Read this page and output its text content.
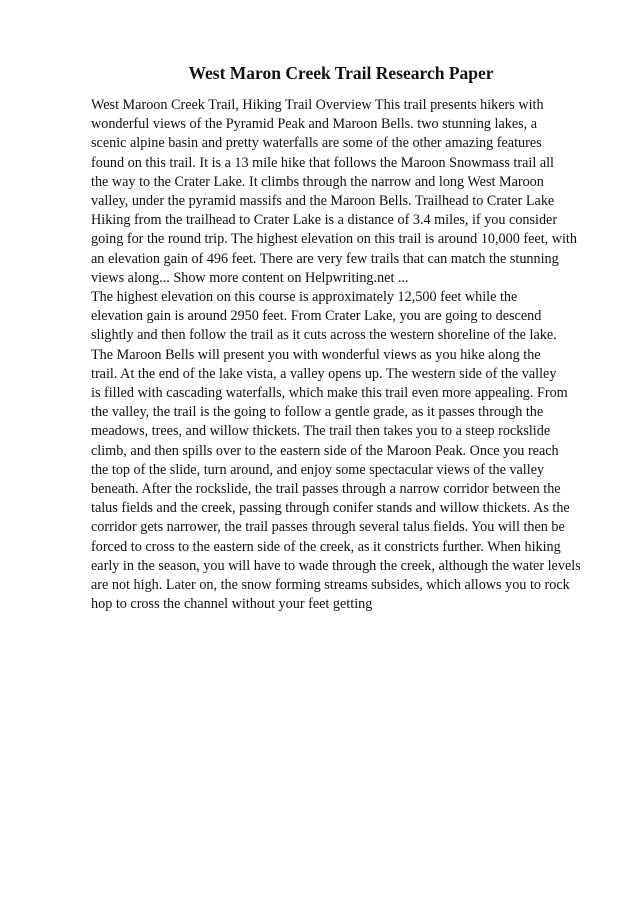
West Maron Creek Trail Research Paper
West Maroon Creek Trail, Hiking Trail Overview This trail presents hikers with
wonderful views of the Pyramid Peak and Maroon Bells. two stunning lakes, a
scenic alpine basin and pretty waterfalls are some of the other amazing features
found on this trail. It is a 13 mile hike that follows the Maroon Snowmass trail all
the way to the Crater Lake. It climbs through the narrow and long West Maroon
valley, under the pyramid massifs and the Maroon Bells. Trailhead to Crater Lake
Hiking from the trailhead to Crater Lake is a distance of 3.4 miles, if you consider
going for the round trip. The highest elevation on this trail is around 10,000 feet, with
an elevation gain of 496 feet. There are very few trails that can match the stunning
views along... Show more content on Helpwriting.net ...
The highest elevation on this course is approximately 12,500 feet while the
elevation gain is around 2950 feet. From Crater Lake, you are going to descend
slightly and then follow the trail as it cuts across the western shoreline of the lake.
The Maroon Bells will present you with wonderful views as you hike along the
trail. At the end of the lake vista, a valley opens up. The western side of the valley
is filled with cascading waterfalls, which make this trail even more appealing. From
the valley, the trail is the going to follow a gentle grade, as it passes through the
meadows, trees, and willow thickets. The trail then takes you to a steep rockslide
climb, and then spills over to the eastern side of the Maroon Peak. Once you reach
the top of the slide, turn around, and enjoy some spectacular views of the valley
beneath. After the rockslide, the trail passes through a narrow corridor between the
talus fields and the creek, passing through conifer stands and willow thickets. As the
corridor gets narrower, the trail passes through several talus fields. You will then be
forced to cross to the eastern side of the creek, as it constricts further. When hiking
early in the season, you will have to wade through the creek, although the water levels
are not high. Later on, the snow forming streams subsides, which allows you to rock
hop to cross the channel without your feet getting
